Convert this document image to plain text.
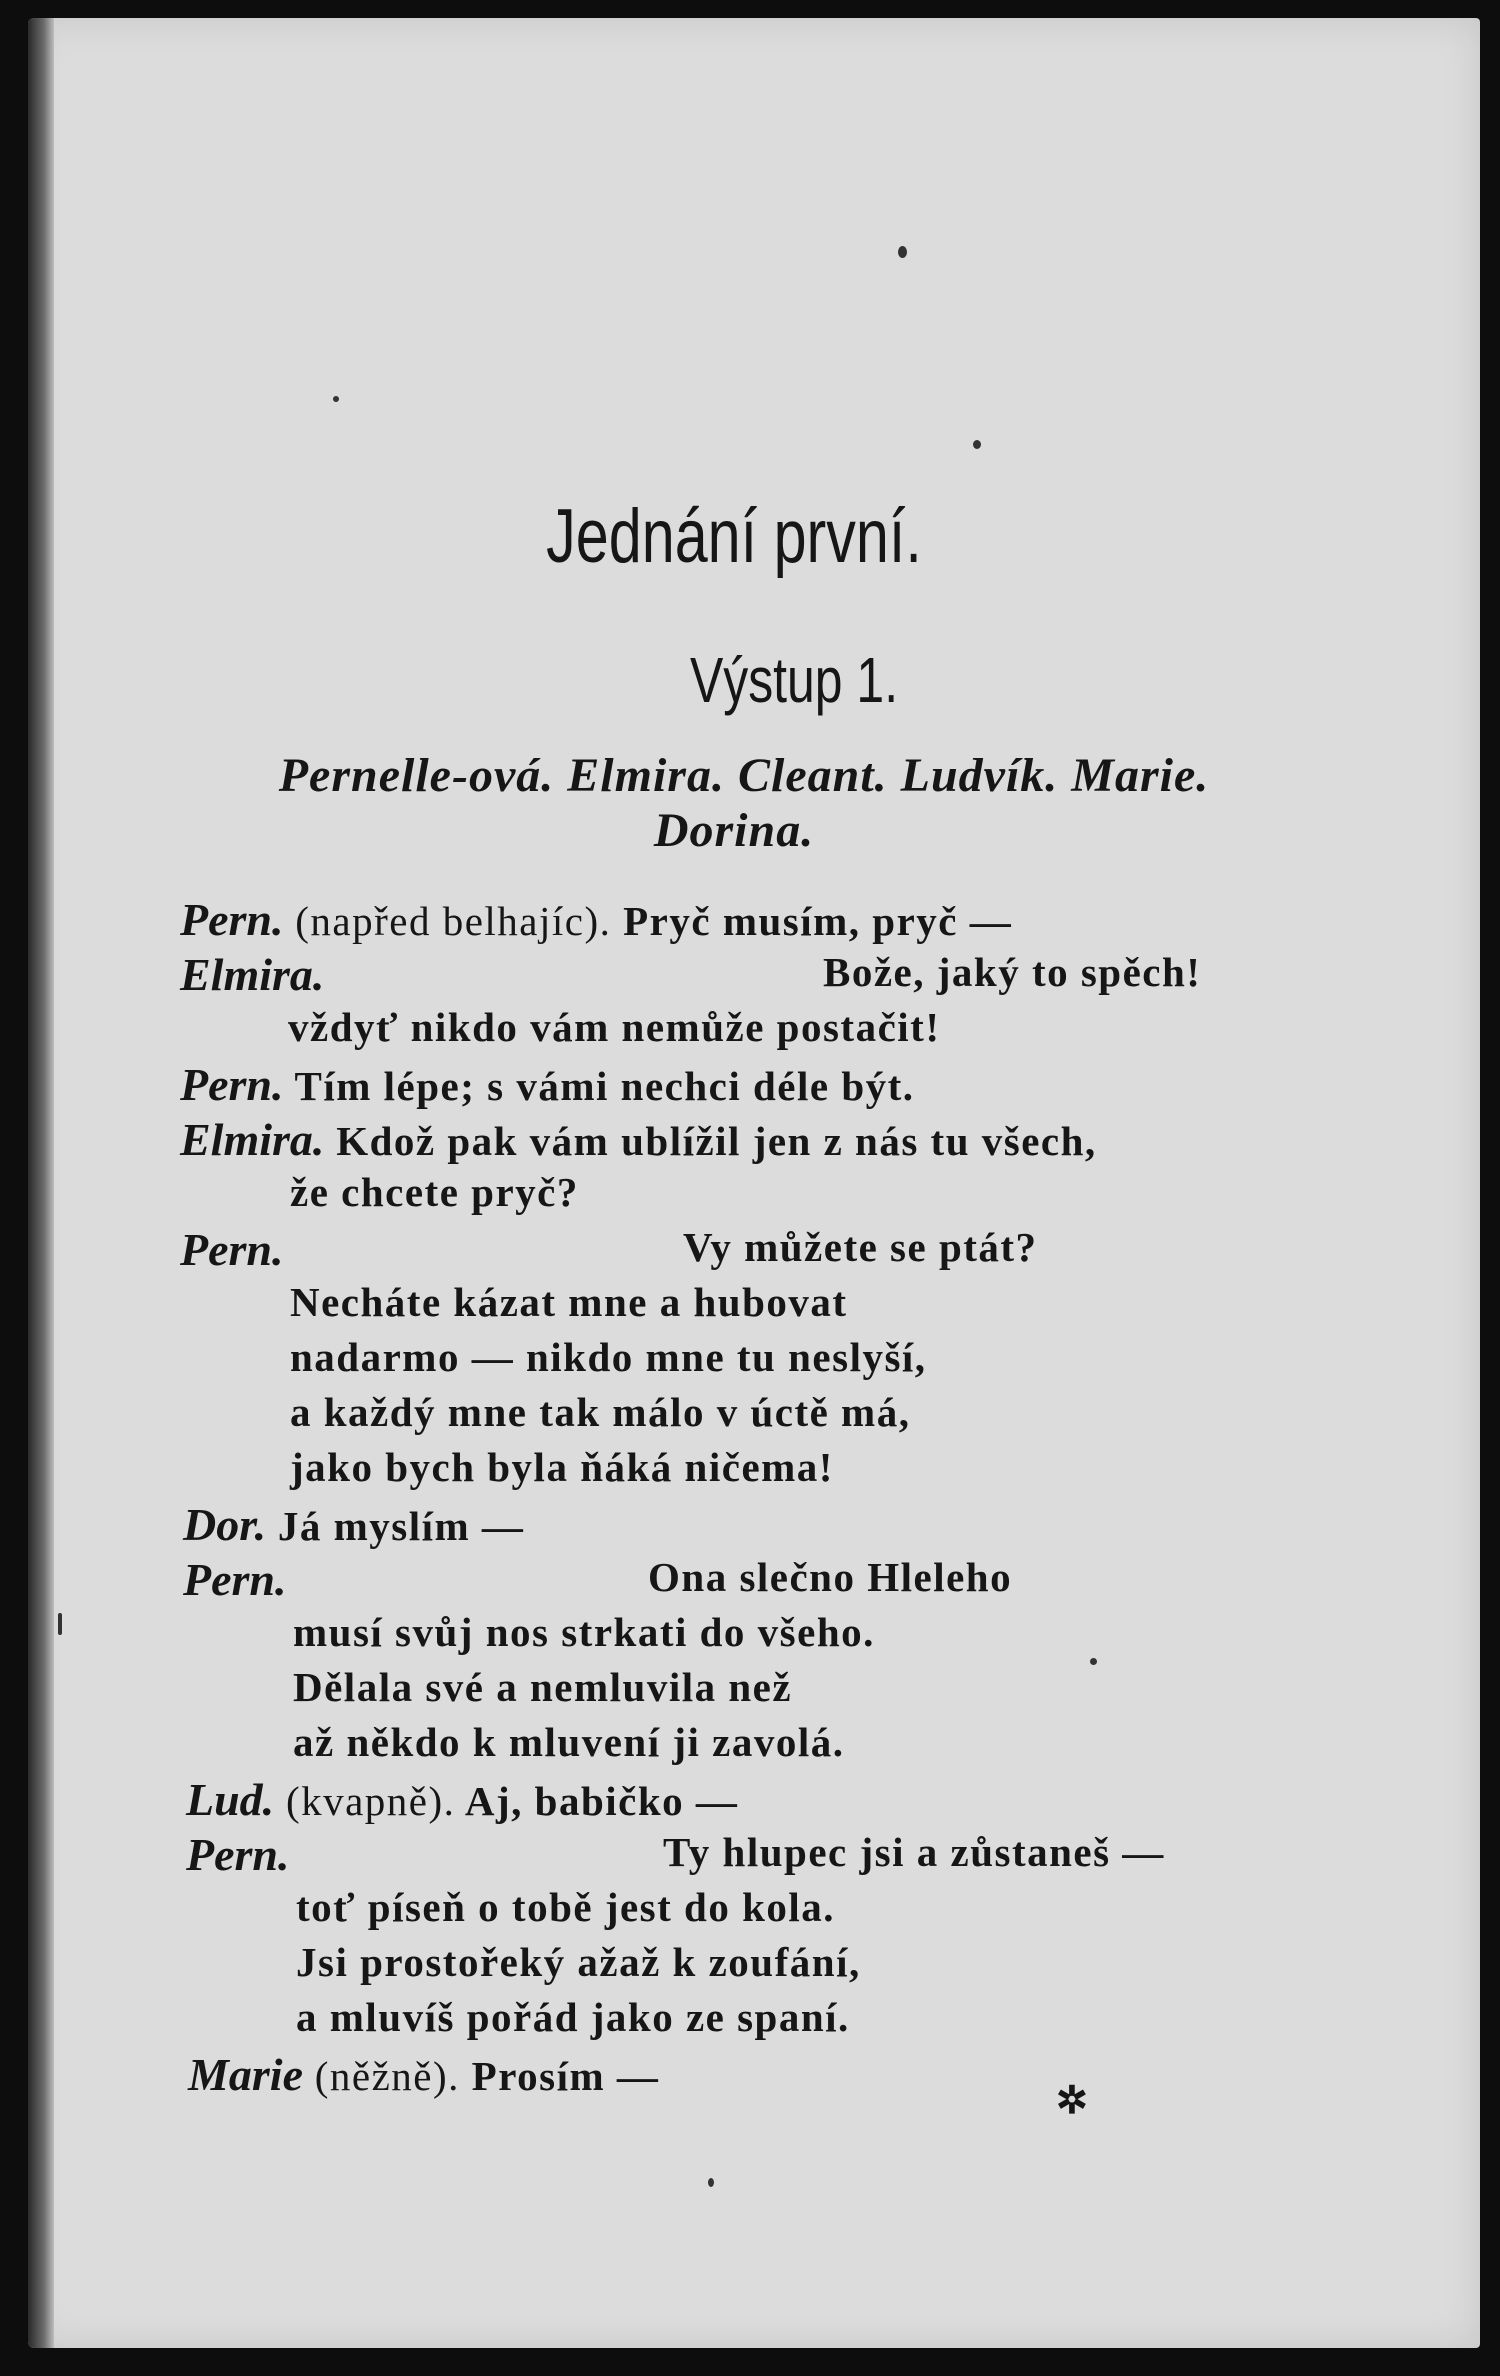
Jednání první.
Výstup 1.
Pernelle-ová. Elmira. Cleant. Ludvík. Marie.
Dorina.
Pern. (napřed belhajíc). Pryč musím, pryč —
Elmira.	Bože, jaký to spěch!
vždyť nikdo vám nemůže postačit!
Pern. Tím lépe; s vámi nechci déle být.
Elmira. Kdož pak vám ublížil jen z nás tu všech,
že chcete pryč?
Pern.	Vy můžete se ptát?
Necháte kázat mne a hubovat
nadarmo — nikdo mne tu neslyší,
a každý mne tak málo v úctě má,
jako bych byla ňáká ničema!
Dor. Já myslím —
Pern.	Ona slečno Hleleho
musí svůj nos strkati do všeho.
Dělala své a nemluvila než
až někdo k mluvení ji zavolá.
Lud. (kvapně). Aj, babičko —
Pern.	Ty hlupec jsi a zůstaneš —
toť píseň o tobě jest do kola.
Jsi prostořeký ažaž k zoufání,
a mluvíš pořád jako ze spaní.
Marie (něžně). Prosím —
✲
